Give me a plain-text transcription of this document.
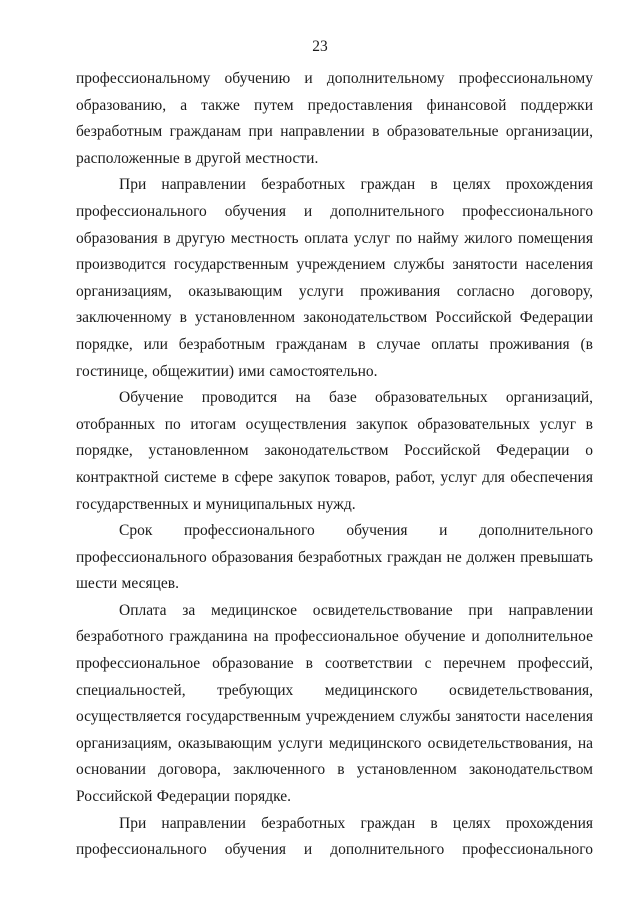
23

профессиональному обучению и дополнительному профессиональному образованию, а также путем предоставления финансовой поддержки безработным гражданам при направлении в образовательные организации, расположенные в другой местности.

При направлении безработных граждан в целях прохождения профессионального обучения и дополнительного профессионального образования в другую местность оплата услуг по найму жилого помещения производится государственным учреждением службы занятости населения организациям, оказывающим услуги проживания согласно договору, заключенному в установленном законодательством Российской Федерации порядке, или безработным гражданам в случае оплаты проживания (в гостинице, общежитии) ими самостоятельно.

Обучение проводится на базе образовательных организаций, отобранных по итогам осуществления закупок образовательных услуг в порядке, установленном законодательством Российской Федерации о контрактной системе в сфере закупок товаров, работ, услуг для обеспечения государственных и муниципальных нужд.

Срок профессионального обучения и дополнительного профессионального образования безработных граждан не должен превышать шести месяцев.

Оплата за медицинское освидетельствование при направлении безработного гражданина на профессиональное обучение и дополнительное профессиональное образование в соответствии с перечнем профессий, специальностей, требующих медицинского освидетельствования, осуществляется государственным учреждением службы занятости населения организациям, оказывающим услуги медицинского освидетельствования, на основании договора, заключенного в установленном законодательством Российской Федерации порядке.

При направлении безработных граждан в целях прохождения профессионального обучения и дополнительного профессионального
